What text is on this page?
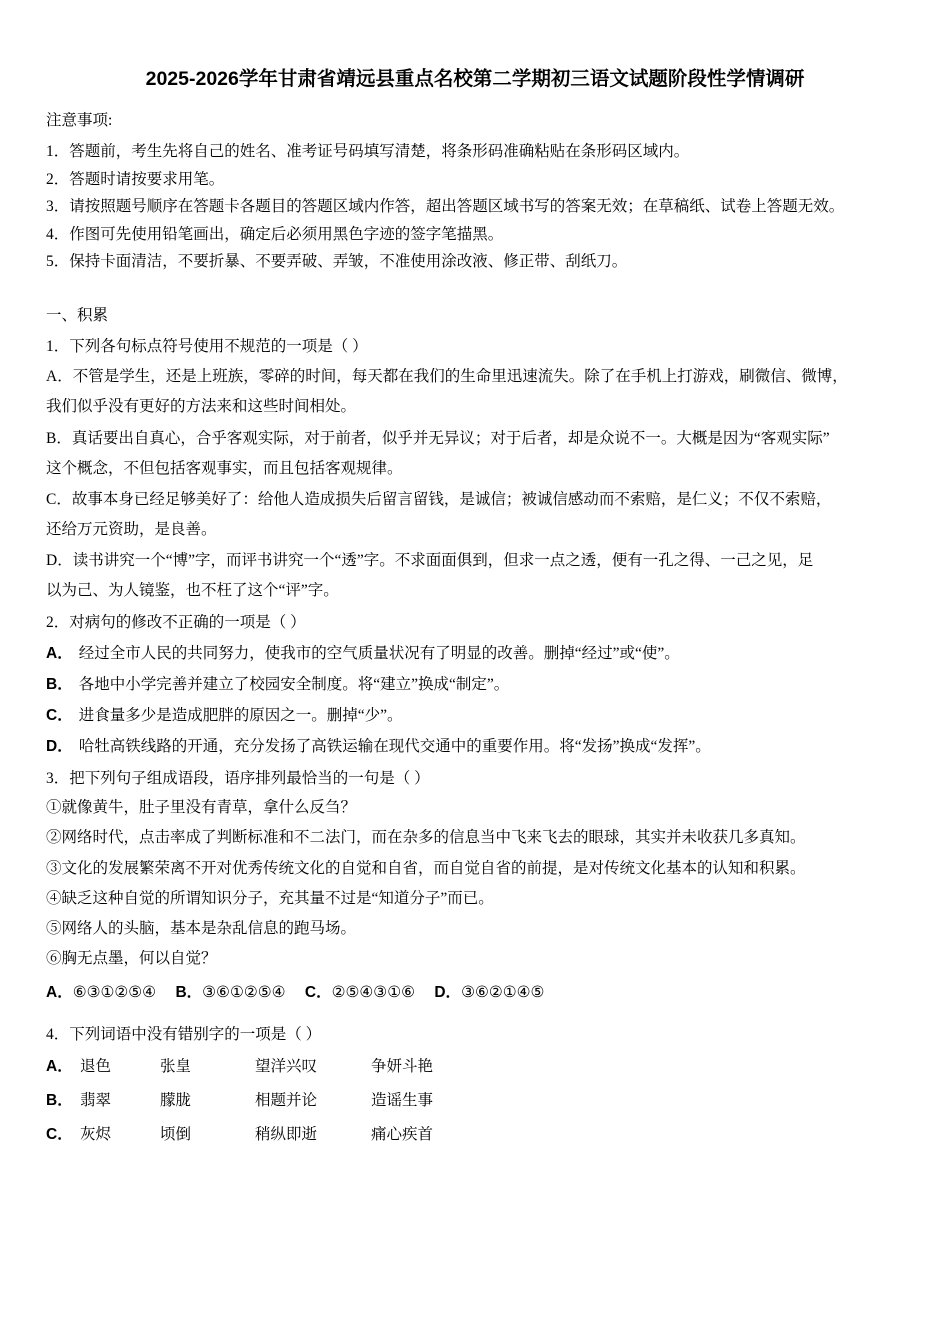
2025-2026学年甘肃省靖远县重点名校第二学期初三语文试题阶段性学情调研
注意事项:

1．答题前，考生先将自己的姓名、准考证号码填写清楚，将条形码准确粘贴在条形码区域内。

2．答题时请按要求用笔。

3．请按照题号顺序在答题卡各题目的答题区域内作答，超出答题区域书写的答案无效；在草稿纸、试卷上答题无效。

4．作图可先使用铅笔画出，确定后必须用黑色字迹的签字笔描黑。

5．保持卡面清洁，不要折暴、不要弄破、弄皱，不准使用涂改液、修正带、刮纸刀。

一、积累

1．下列各句标点符号使用不规范的一项是（ ）

A．不管是学生，还是上班族，零碎的时间，每天都在我们的生命里迅速流失。除了在手机上打游戏，刷微信、微博，

我们似乎没有更好的方法来和这些时间相处。

B．真话要出自真心，合乎客观实际，对于前者，似乎并无异议；对于后者，却是众说不一。大概是因为“客观实际”

这个概念，不但包括客观事实，而且包括客观规律。

C．故事本身已经足够美好了：给他人造成损失后留言留钱，是诚信；被诚信感动而不索赔，是仁义；不仅不索赔，

还给万元资助，是良善。

D．读书讲究一个“博”字，而评书讲究一个“透”字。不求面面俱到，但求一点之透，便有一孔之得、一己之见，足

以为己、为人镜鉴，也不枉了这个“评”字。

2．对病句的修改不正确的一项是（ ）

A． 经过全市人民的共同努力，使我市的空气质量状况有了明显的改善。删掉“经过”或“使”。

B． 各地中小学完善并建立了校园安全制度。将“建立”换成“制定”。

C． 进食量多少是造成肥胖的原因之一。删掉“少”。

D． 哈牡高铁线路的开通，充分发扬了高铁运输在现代交通中的重要作用。将“发扬”换成“发挥”。

3．把下列句子组成语段，语序排列最恰当的一句是（ ）

①就像黄牛，肚子里没有青草，拿什么反刍？

②网络时代，点击率成了判断标准和不二法门，而在杂多的信息当中飞来飞去的眼球，其实并未收获几多真知。

③文化的发展繁荣离不开对优秀传统文化的自觉和自省，而自觉自省的前提，是对传统文化基本的认知和积累。

④缺乏这种自觉的所谓知识分子，充其量不过是“知道分子”而已。

⑤网络人的头脑，基本是杂乱信息的跑马场。

⑥胸无点墨，何以自觉？

A．⑥③①②⑤④ B．③⑥①②⑤④ C．②⑤④③①⑥ D．③⑥②①④⑤

4．下列词语中没有错别字的一项是（ ）

A． 退色	张皇	望洋兴叹	争妍斗艳
B． 翡翠	朦胧	相题并论	造谣生事
C． 灰烬	顷倒	稍纵即逝	痛心疾首
